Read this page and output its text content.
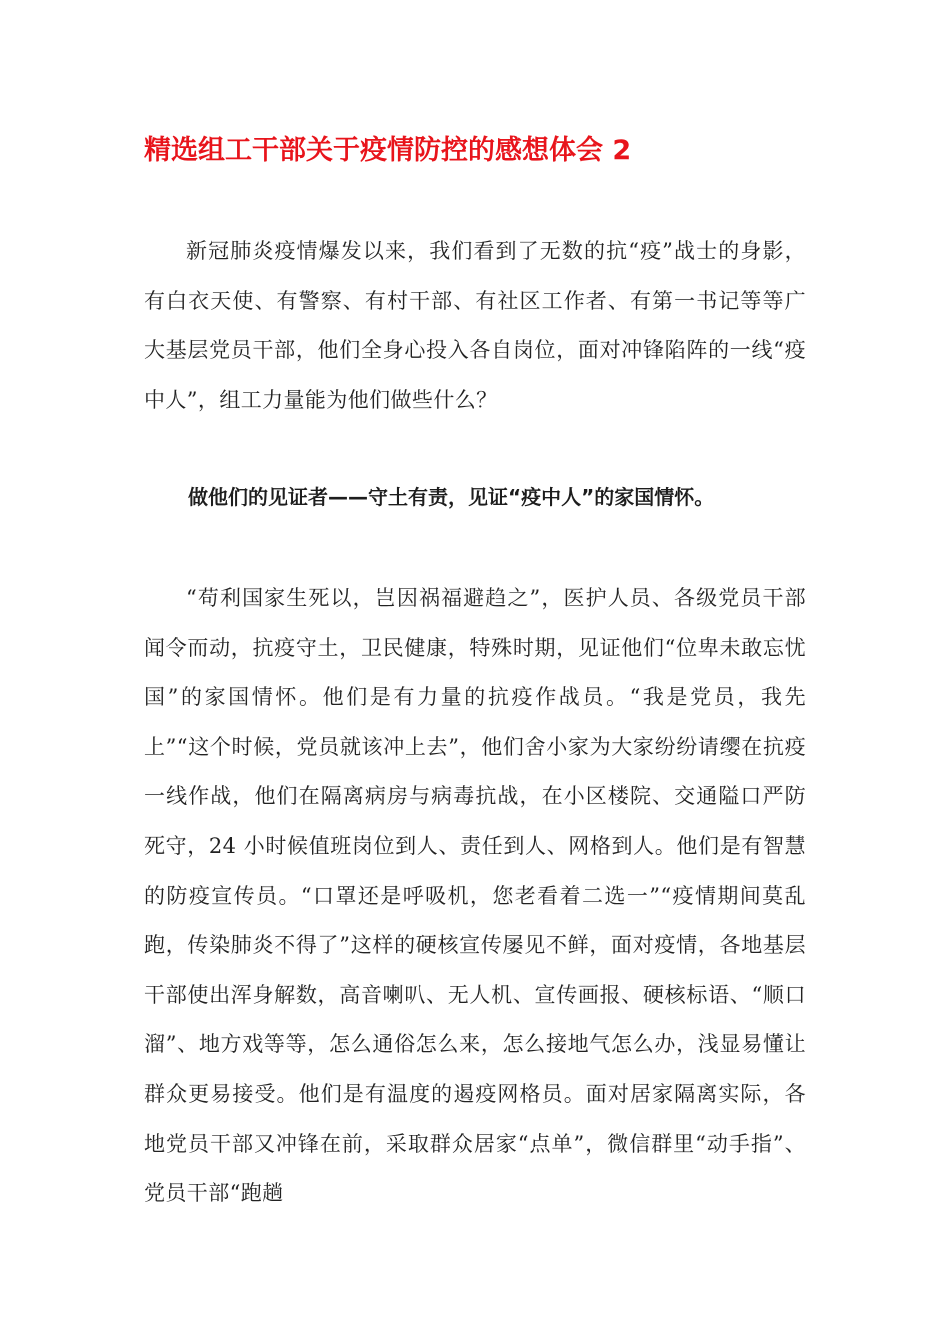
精选组工干部关于疫情防控的感想体会 2

新冠肺炎疫情爆发以来，我们看到了无数的抗“疫”战士的身影，有白衣天使、有警察、有村干部、有社区工作者、有第一书记等等广大基层党员干部，他们全身心投入各自岗位，面对冲锋陷阵的一线“疫中人”，组工力量能为他们做些什么？

做他们的见证者——守土有责，见证“疫中人”的家国情怀。

“苟利国家生死以，岂因祸福避趋之”，医护人员、各级党员干部闻令而动，抗疫守土，卫民健康，特殊时期，见证他们“位卑未敢忘忧国”的家国情怀。他们是有力量的抗疫作战员。“我是党员，我先上”“这个时候，党员就该冲上去”，他们舍小家为大家纷纷请缨在抗疫一线作战，他们在隔离病房与病毒抗战，在小区楼院、交通隘口严防死守，24 小时候值班岗位到人、责任到人、网格到人。他们是有智慧的防疫宣传员。“口罩还是呼吸机，您老看着二选一”“疫情期间莫乱跑，传染肺炎不得了”这样的硬核宣传屡见不鲜，面对疫情，各地基层干部使出浑身解数，高音喇叭、无人机、宣传画报、硬核标语、“顺口溜”、地方戏等等，怎么通俗怎么来，怎么接地气怎么办，浅显易懂让群众更易接受。他们是有温度的遏疫网格员。面对居家隔离实际，各地党员干部又冲锋在前，采取群众居家“点单”，微信群里“动手指”、党员干部“跑趟
